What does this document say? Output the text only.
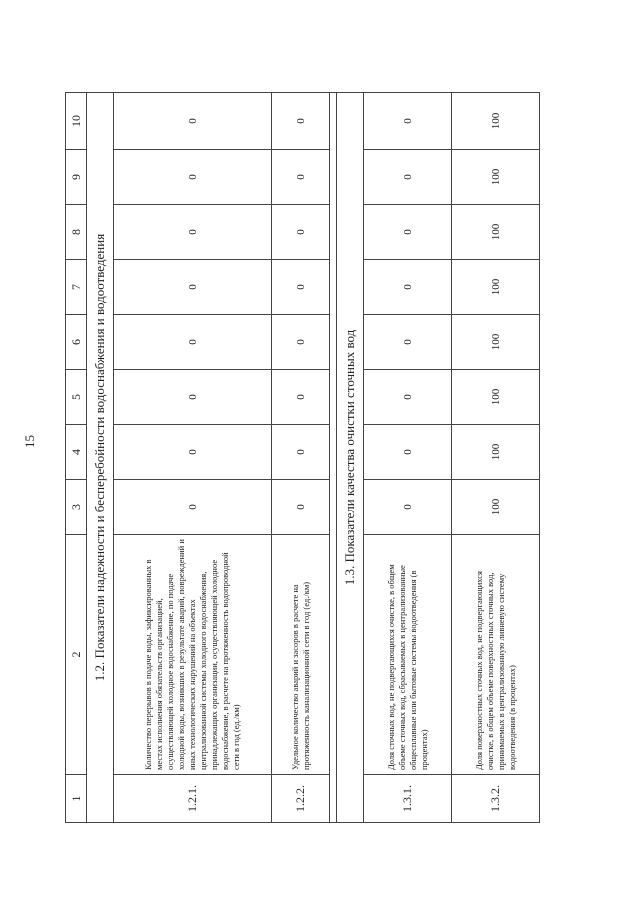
15
1	2	3	4	5	6	7	8	9	10
1.2. Показатели надежности и бесперебойности водоснабжения и водоотведения									
1.2.1.	Количество перерывов в подаче воды, зафиксированных в местах исполнения обязательств организацией, осуществляющей холодное водоснабжение, по подаче холодной воды, возникших в результате аварий, повреждений и иных технологических нарушений на объектах централизованной системы холодного водоснабжения, принадлежащих организации, осуществляющей холодное водоснабжение, в расчете на протяженность водопроводной сети в год (ед./км)	0	0	0	0	0	0	0	0
1.2.2.	Удельное количество аварий и засоров в расчете на протяженность канализационной сети в год (ед./км)	0	0	0	0	0	0	0	0

1.3. Показатели качества очистки сточных вод									
1.3.1.	Доля сточных вод, не подвергающихся очистке, в общем объеме сточных вод, сбрасываемых в централизованные общесплавные или бытовые системы водоотведения (в процентах)	0	0	0	0	0	0	0	0
1.3.2.	Доля поверхностных сточных вод, не подвергающихся очистке, в общем объеме поверхностных сточных вод, принимаемых в централизованную ливневую систему водоотведения (в процентах)	100	100	100	100	100	100	100	100
